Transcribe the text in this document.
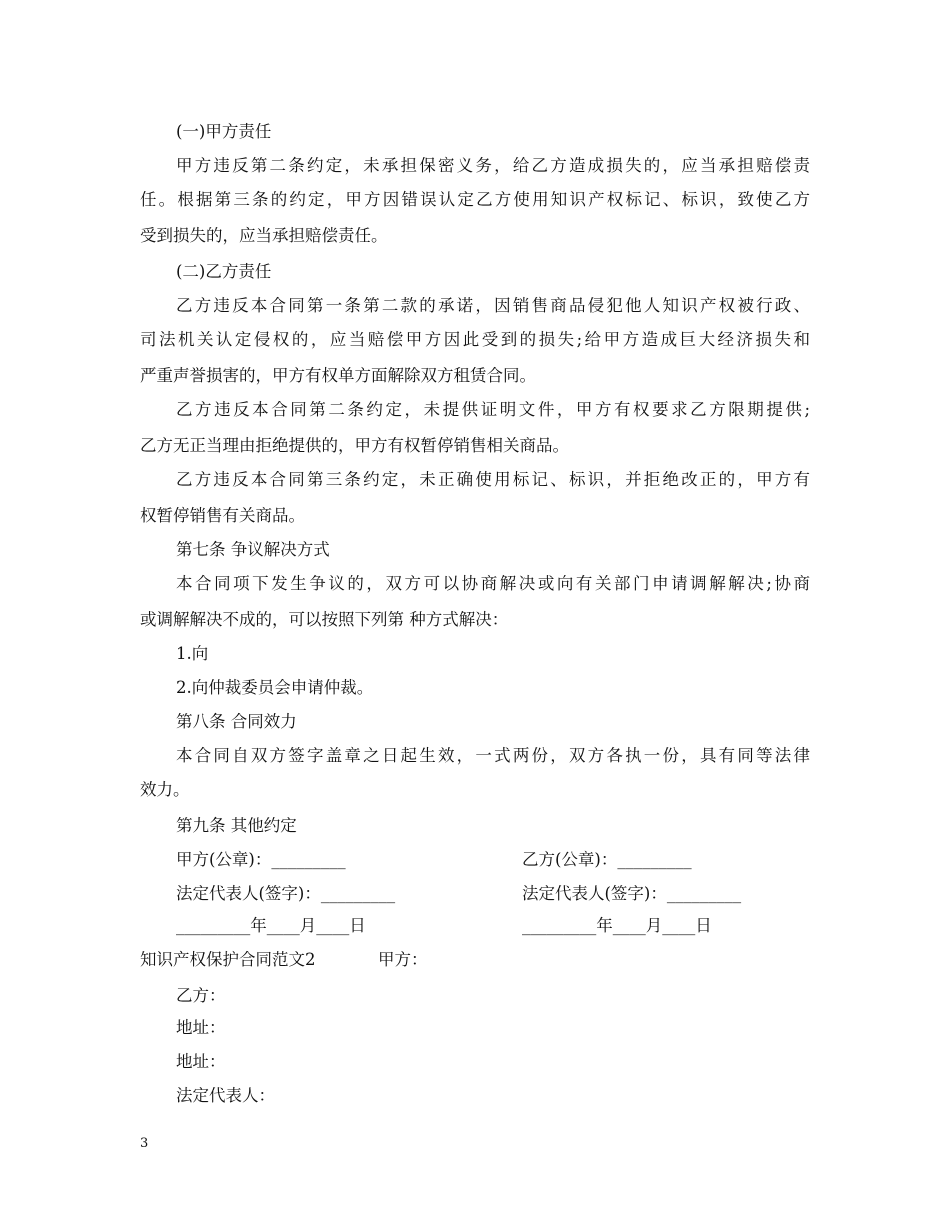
(一)甲方责任
甲方违反第二条约定，未承担保密义务，给乙方造成损失的，应当承担赔偿责
任。根据第三条的约定，甲方因错误认定乙方使用知识产权标记、标识，致使乙方
受到损失的，应当承担赔偿责任。
(二)乙方责任
乙方违反本合同第一条第二款的承诺，因销售商品侵犯他人知识产权被行政、
司法机关认定侵权的，应当赔偿甲方因此受到的损失;给甲方造成巨大经济损失和
严重声誉损害的，甲方有权单方面解除双方租赁合同。
乙方违反本合同第二条约定，未提供证明文件，甲方有权要求乙方限期提供;
乙方无正当理由拒绝提供的，甲方有权暂停销售相关商品。
乙方违反本合同第三条约定，未正确使用标记、标识，并拒绝改正的，甲方有
权暂停销售有关商品。
第七条 争议解决方式
本合同项下发生争议的，双方可以协商解决或向有关部门申请调解解决;协商
或调解解决不成的，可以按照下列第 种方式解决：
1.向
2.向仲裁委员会申请仲裁。
第八条 合同效力
本合同自双方签字盖章之日起生效，一式两份，双方各执一份，具有同等法律
效力。
第九条 其他约定
甲方(公章)：_________	乙方(公章)：_________
法定代表人(签字)：_________	法定代表人(签字)：_________
_________年____月____日	_________年____月____日
知识产权保护合同范文2	甲方：
乙方：
地址：
地址：
法定代表人：
3
